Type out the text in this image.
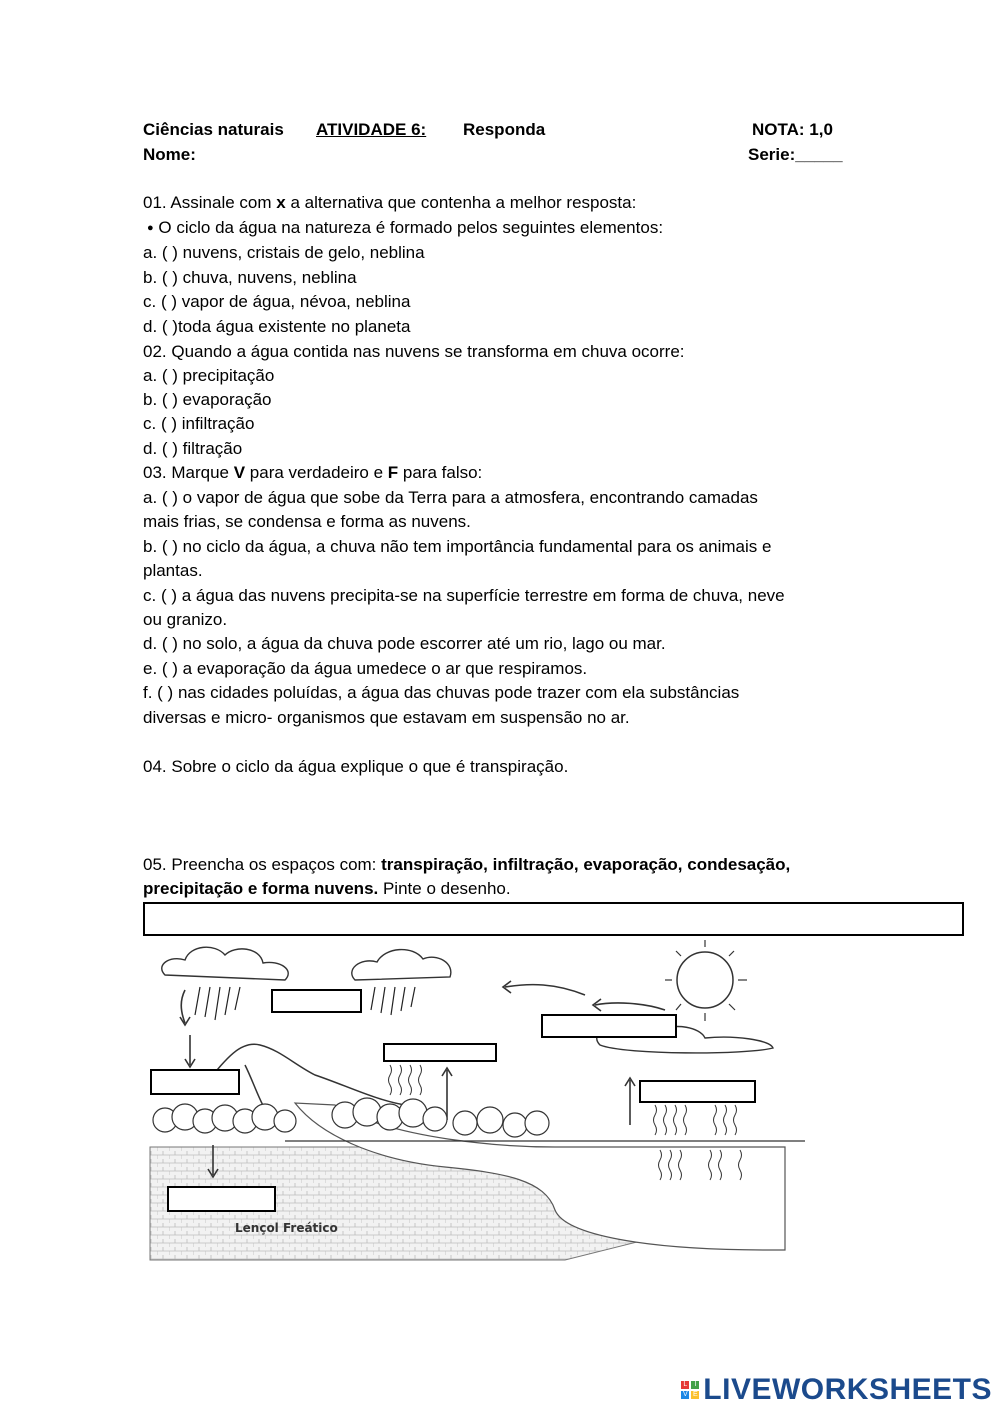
Ciências naturais ATIVIDADE 6: Responda	NOTA: 1,0
Nome:	Serie:_____
01. Assinale com x a alternativa que contenha a melhor resposta:
● O ciclo da água na natureza é formado pelos seguintes elementos:
a. ( ) nuvens, cristais de gelo, neblina
b. ( ) chuva, nuvens, neblina
c. ( ) vapor de água, névoa, neblina
d. ( )toda água existente no planeta
02. Quando a água contida nas nuvens se transforma em chuva ocorre:
a. ( ) precipitação
b. ( ) evaporação
c. ( ) infiltração
d. ( ) filtração
03. Marque V para verdadeiro e F para falso:
a. ( ) o vapor de água que sobe da Terra para a atmosfera, encontrando camadas
mais frias, se condensa e forma as nuvens.
b. ( ) no ciclo da água, a chuva não tem importância fundamental para os animais e
plantas.
c. ( ) a água das nuvens precipita-se na superfície terrestre em forma de chuva, neve
ou granizo.
d. ( ) no solo, a água da chuva pode escorrer até um rio, lago ou mar.
e. ( ) a evaporação da água umedece o ar que respiramos.
f. ( ) nas cidades poluídas, a água das chuvas pode trazer com ela substâncias
diversas e micro- organismos que estavam em suspensão no ar.
04. Sobre o ciclo da água explique o que é transpiração.
05. Preencha os espaços com: transpiração, infiltração, evaporação, condesação,
precipitação e forma nuvens. Pinte o desenho.
Lençol Freático
L	I
V E LIVEWORKSHEETS
